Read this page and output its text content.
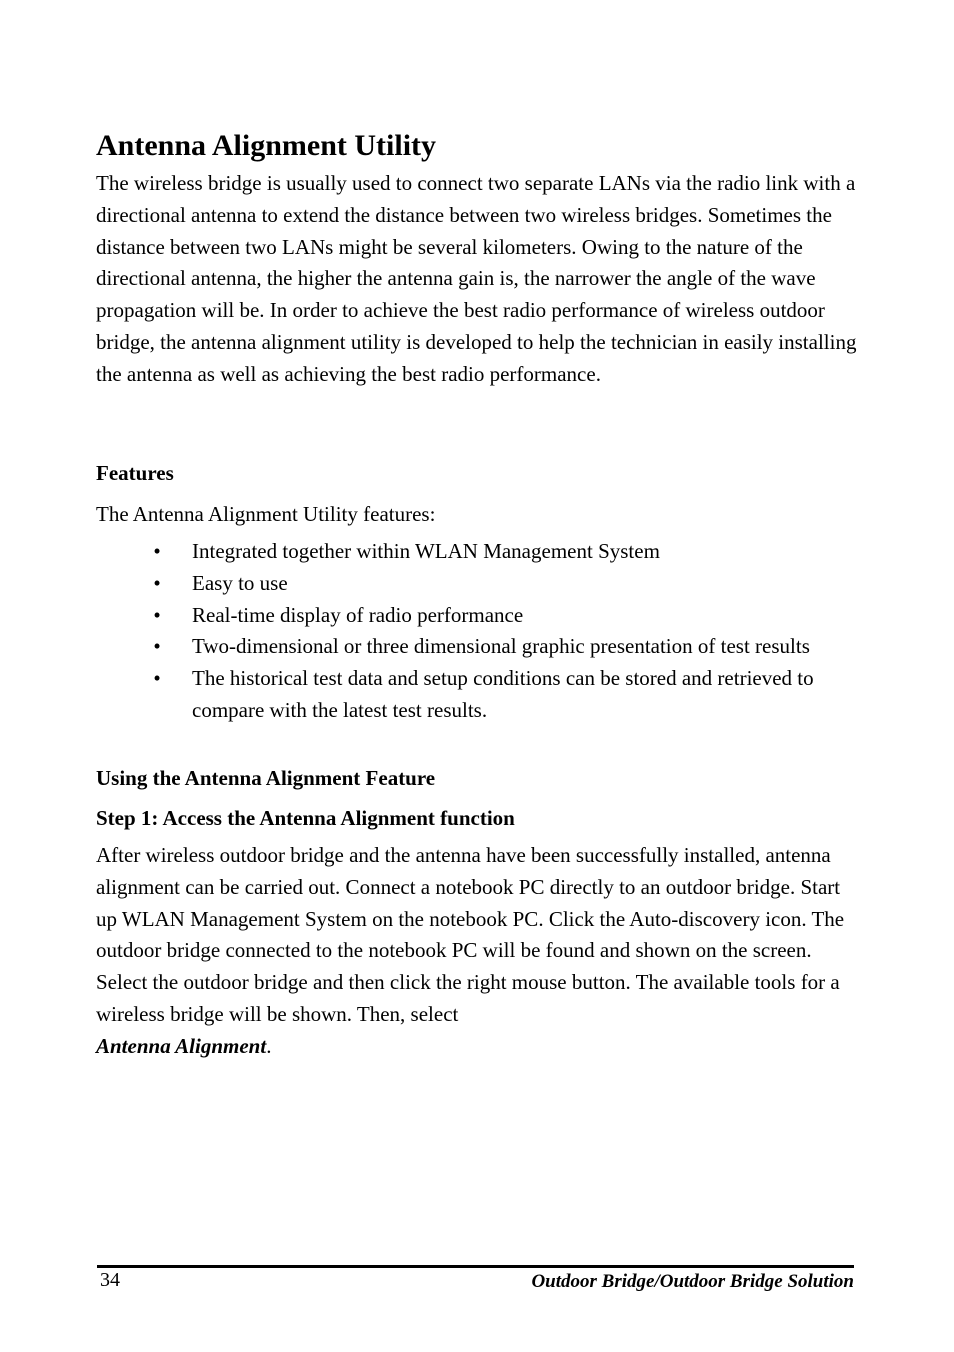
Antenna Alignment Utility

The wireless bridge is usually used to connect two separate LANs via the radio link with a directional antenna to extend the distance between two wireless bridges. Sometimes the distance between two LANs might be several kilometers. Owing to the nature of the directional antenna, the higher the antenna gain is, the narrower the angle of the wave propagation will be. In order to achieve the best radio performance of wireless outdoor bridge, the antenna alignment utility is developed to help the technician in easily installing the antenna as well as achieving the best radio performance.

Features

The Antenna Alignment Utility features:

• Integrated together within WLAN Management System
• Easy to use
• Real-time display of radio performance
• Two-dimensional or three dimensional graphic presentation of test results
• The historical test data and setup conditions can be stored and retrieved to compare with the latest test results.
Using the Antenna Alignment Feature
Step 1: Access the Antenna Alignment function

After wireless outdoor bridge and the antenna have been successfully installed, antenna alignment can be carried out. Connect a notebook PC directly to an outdoor bridge. Start up WLAN Management System on the notebook PC. Click the Auto-discovery icon. The outdoor bridge connected to the notebook PC will be found and shown on the screen. Select the outdoor bridge and then click the right mouse button. The available tools for a wireless bridge will be shown. Then, select
Antenna Alignment.

34	Outdoor Bridge/Outdoor Bridge Solution
